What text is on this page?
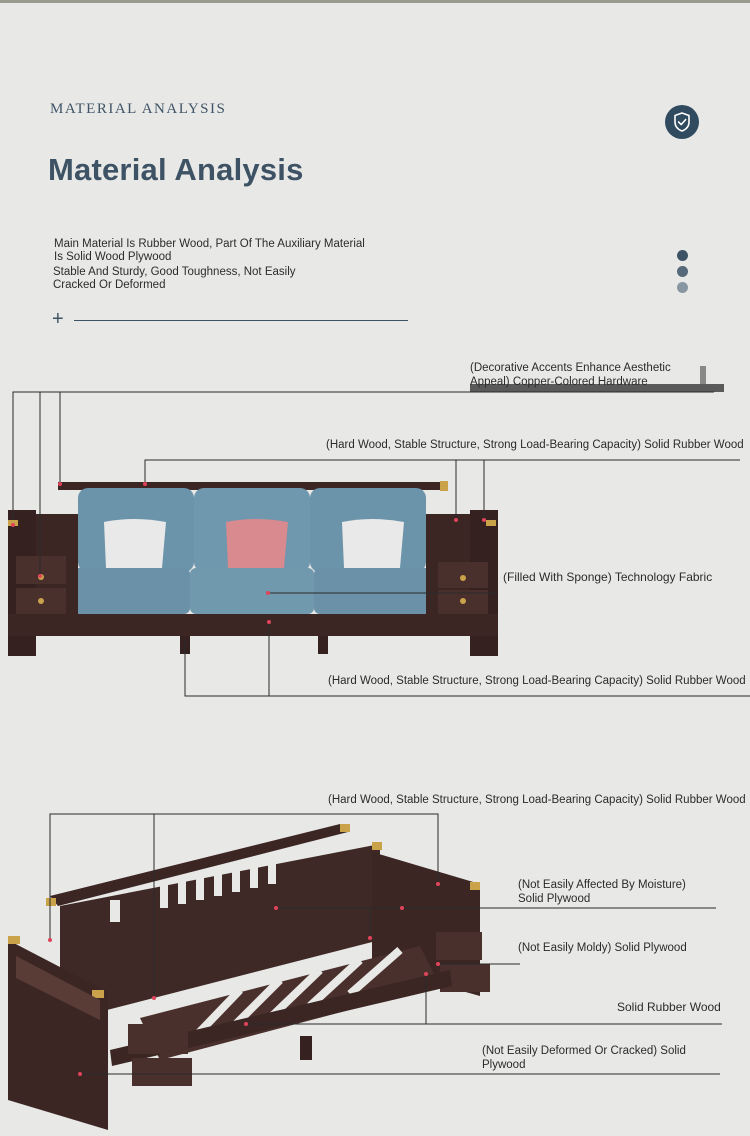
MATERIAL ANALYSIS
Material Analysis
Main Material Is Rubber Wood, Part Of The Auxiliary Material
Is Solid Wood Plywood
Stable And Sturdy, Good Toughness, Not Easily
Cracked Or Deformed
+
(Decorative Accents Enhance Aesthetic
Appeal) Copper-Colored Hardware
(Hard Wood, Stable Structure, Strong Load-Bearing Capacity) Solid Rubber Wood
(Filled With Sponge) Technology Fabric
(Hard Wood, Stable Structure, Strong Load-Bearing Capacity) Solid Rubber Wood
(Hard Wood, Stable Structure, Strong Load-Bearing Capacity) Solid Rubber Wood
(Not Easily Affected By Moisture)
Solid Plywood
(Not Easily Moldy) Solid Plywood
Solid Rubber Wood
(Not Easily Deformed Or Cracked) Solid
Plywood
